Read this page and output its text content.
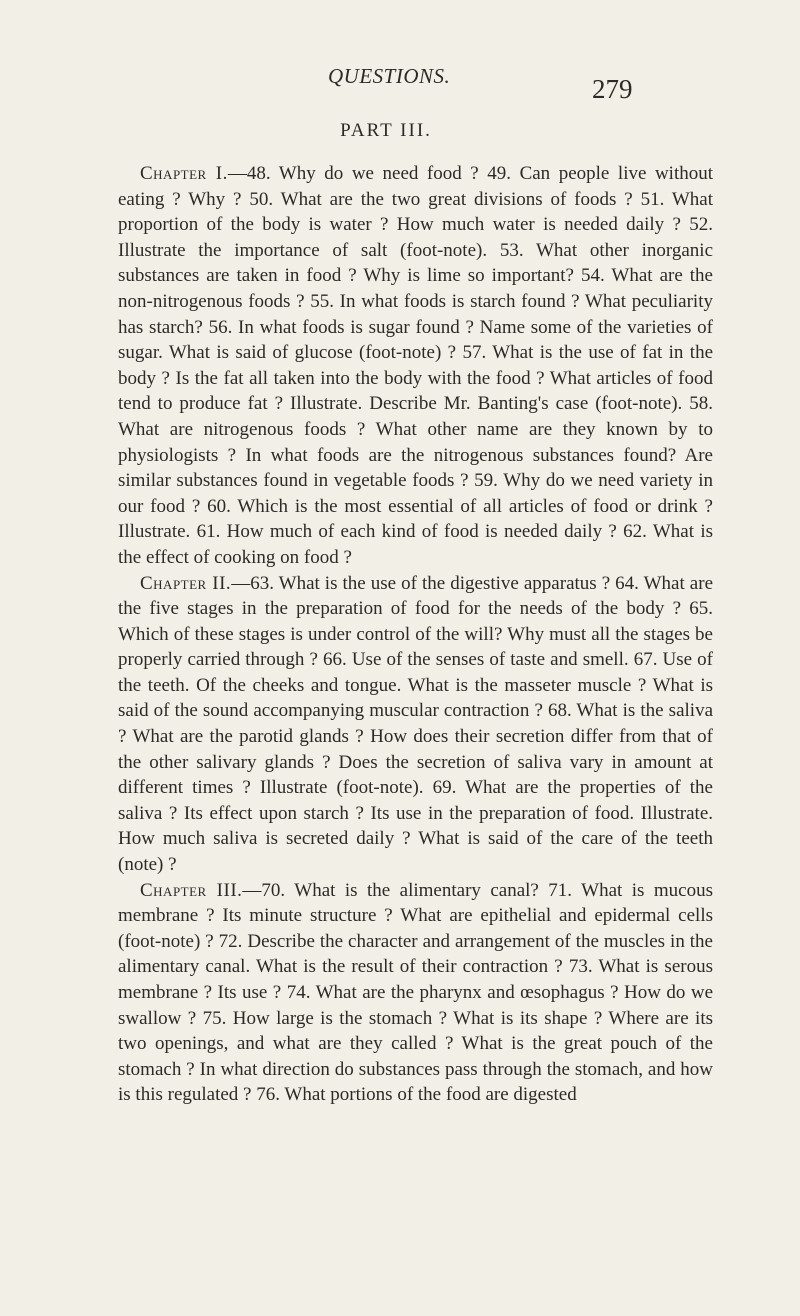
QUESTIONS.	279
PART III.

Chapter I.—48. Why do we need food ? 49. Can people live without eating ? Why ? 50. What are the two great divisions of foods ? 51. What proportion of the body is water ? How much water is needed daily ? 52. Illustrate the importance of salt (foot-note). 53. What other inorganic substances are taken in food ? Why is lime so important? 54. What are the non-nitrogenous foods ? 55. In what foods is starch found ? What peculiarity has starch? 56. In what foods is sugar found ? Name some of the varieties of sugar. What is said of glucose (foot-note) ? 57. What is the use of fat in the body ? Is the fat all taken into the body with the food ? What articles of food tend to produce fat ? Illustrate. Describe Mr. Banting's case (foot-note). 58. What are nitrogenous foods ? What other name are they known by to physiologists ? In what foods are the nitrogenous substances found? Are similar substances found in vegetable foods ? 59. Why do we need variety in our food ? 60. Which is the most essential of all articles of food or drink ? Illustrate. 61. How much of each kind of food is needed daily ? 62. What is the effect of cooking on food ?

Chapter II.—63. What is the use of the digestive apparatus ? 64. What are the five stages in the preparation of food for the needs of the body ? 65. Which of these stages is under control of the will? Why must all the stages be properly carried through ? 66. Use of the senses of taste and smell. 67. Use of the teeth. Of the cheeks and tongue. What is the masseter muscle ? What is said of the sound accompanying muscular contraction ? 68. What is the saliva ? What are the parotid glands ? How does their secretion differ from that of the other salivary glands ? Does the secretion of saliva vary in amount at different times ? Illustrate (foot-note). 69. What are the properties of the saliva ? Its effect upon starch ? Its use in the preparation of food. Illustrate. How much saliva is secreted daily ? What is said of the care of the teeth (note) ?

Chapter III.—70. What is the alimentary canal? 71. What is mucous membrane ? Its minute structure ? What are epithelial and epidermal cells (foot-note) ? 72. Describe the character and arrangement of the muscles in the alimentary canal. What is the result of their contraction ? 73. What is serous membrane ? Its use ? 74. What are the pharynx and œsophagus ? How do we swallow ? 75. How large is the stomach ? What is its shape ? Where are its two openings, and what are they called ? What is the great pouch of the stomach ? In what direction do substances pass through the stomach, and how is this regulated ? 76. What portions of the food are digested
